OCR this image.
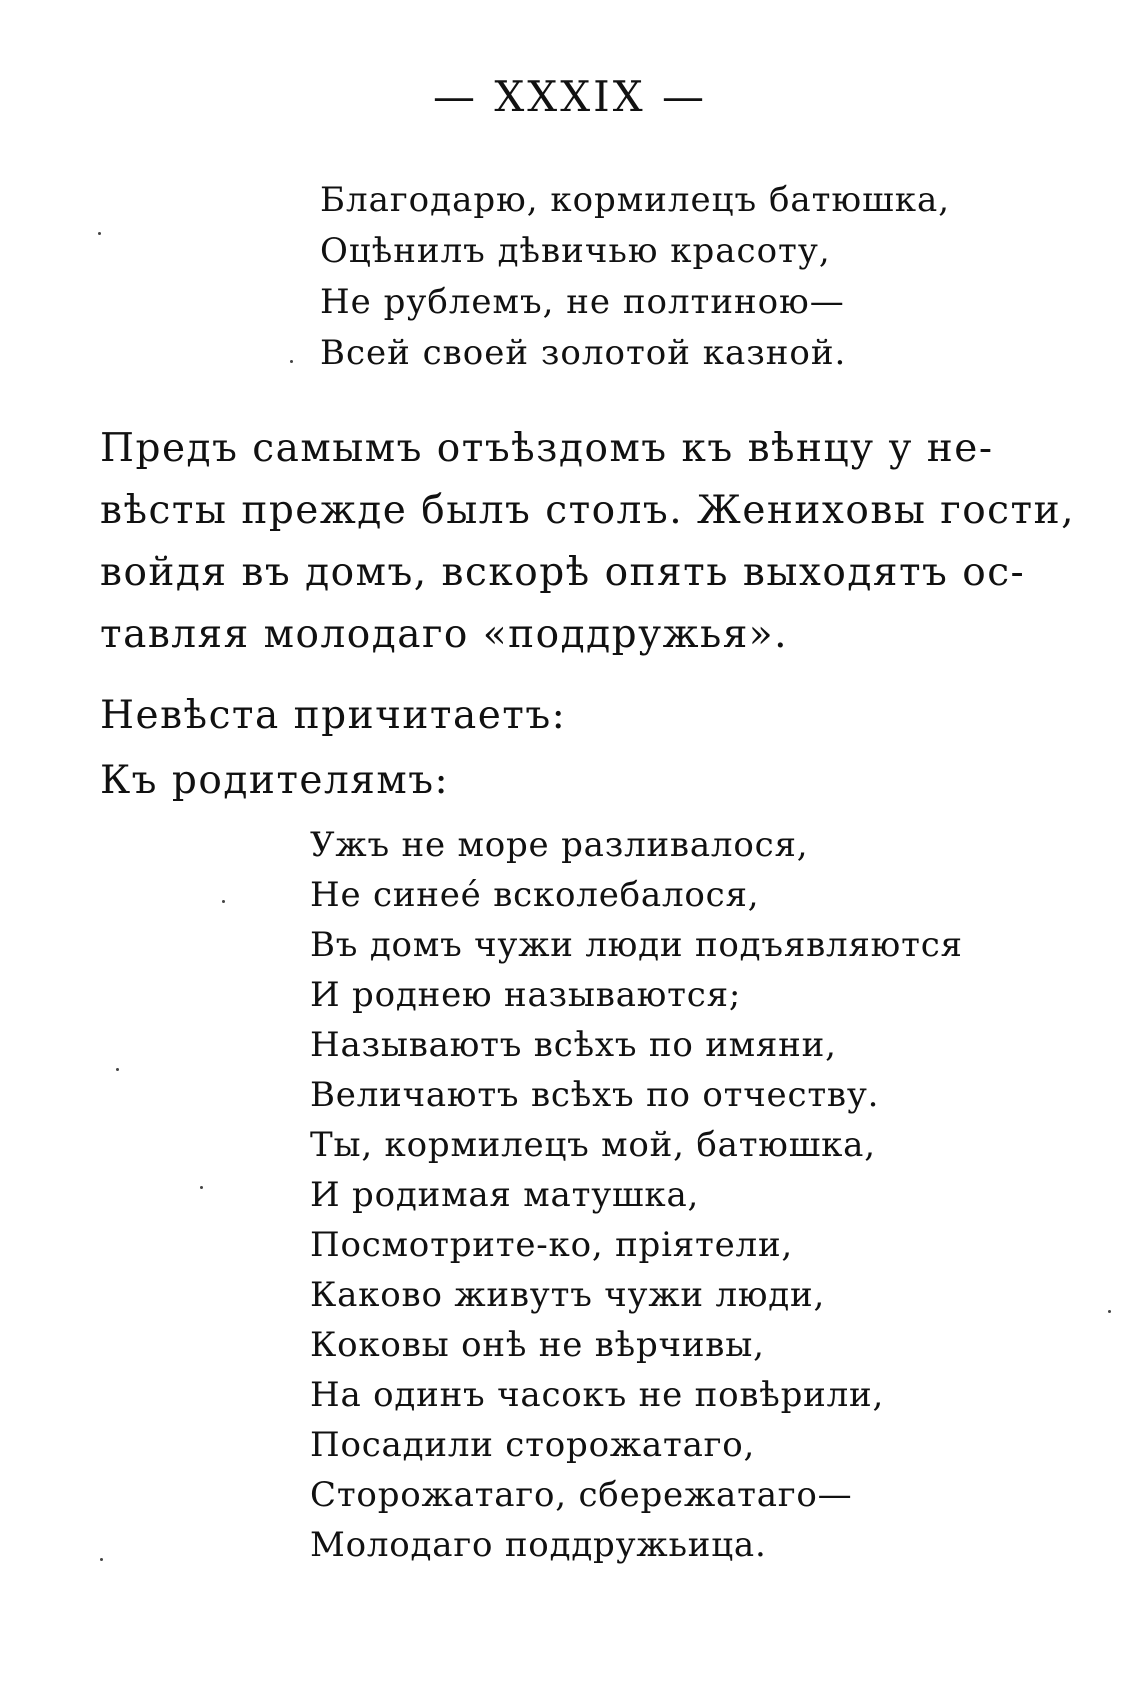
— XXXIX —
Благодарю, кормилецъ батюшка,
Оцѣнилъ дѣвичью красоту,
Не рублемъ, не полтиною—
Всей своей золотой казной.
Предъ самымъ отъѣздомъ къ вѣнцу у не-
вѣсты прежде былъ столъ. Жениховы гости,
войдя въ домъ, вскорѣ опять выходятъ ос-
тавляя молодаго «поддружья».
Невѣста причитаетъ:
Къ родителямъ:
Ужъ не море разливалося,
Не синеé всколебалося,
Въ домъ чужи люди подъявляются
И роднею называются;
Называютъ всѣхъ по имяни,
Величаютъ всѣхъ по отчеству.
Ты, кормилецъ мой, батюшка,
И родимая матушка,
Посмотрите-ко, прiятели,
Каково живутъ чужи люди,
Коковы онѣ не вѣрчивы,
На одинъ часокъ не повѣрили,
Посадили сторожатаго,
Сторожатаго, сбережатаго—
Молодаго поддружьица.
